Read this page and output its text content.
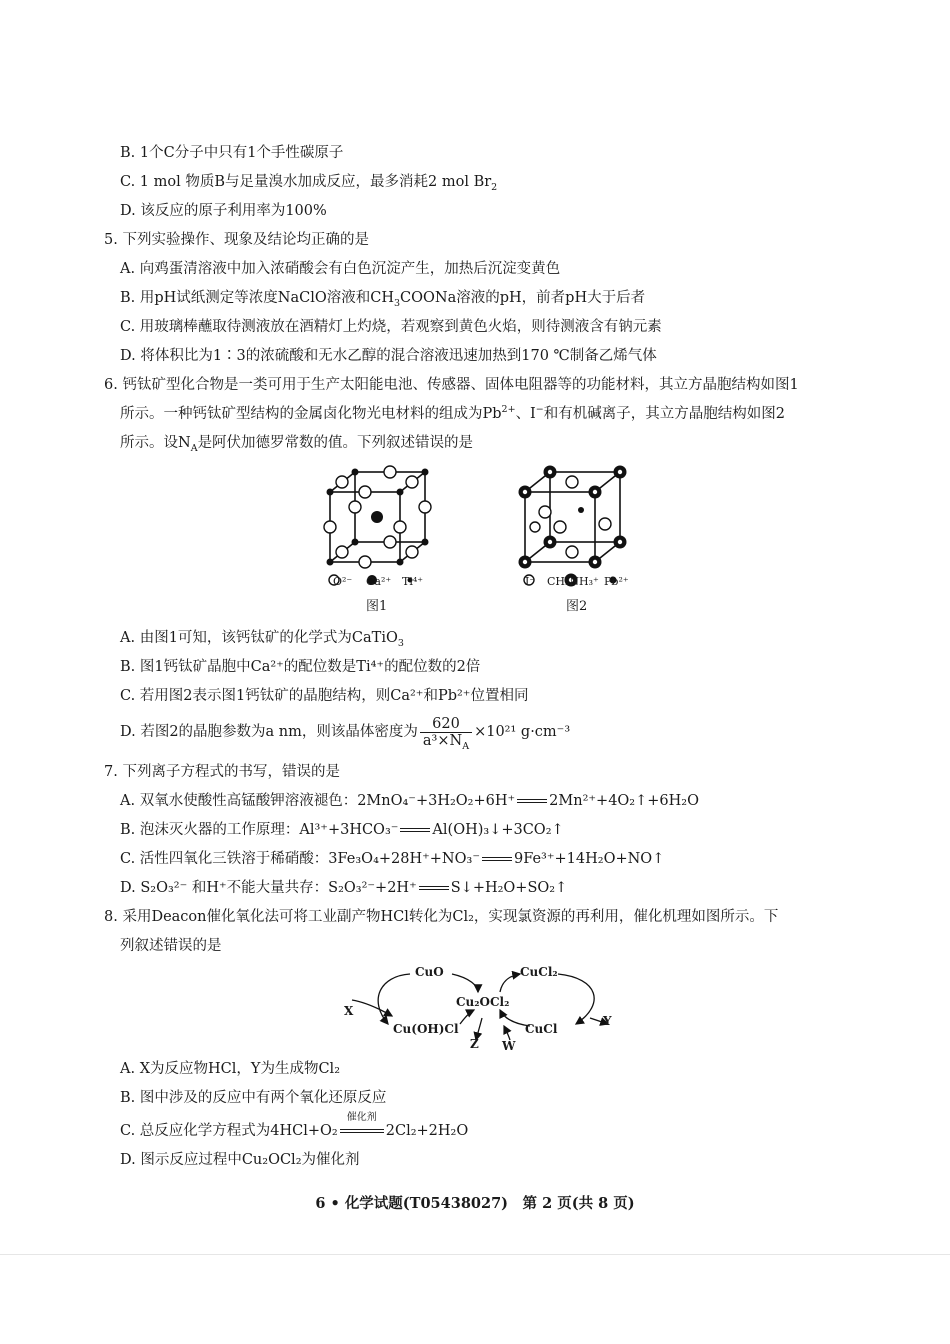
B. 1个C分子中只有1个手性碳原子
C. 1 mol 物质B与足量溴水加成反应，最多消耗2 mol $Br_2$
D. 该反应的原子利用率为100%
5. 下列实验操作、现象及结论均正确的是
A. 向鸡蛋清溶液中加入浓硝酸会有白色沉淀产生，加热后沉淀变黄色
B. 用pH试纸测定等浓度NaClO溶液和$CH_3COONa$溶液的pH，前者pH大于后者
C. 用玻璃棒蘸取待测液放在酒精灯上灼烧，若观察到黄色火焰，则待测液含有钠元素
D. 将体积比为1∶3的浓硫酸和无水乙醇的混合溶液迅速加热到170 ℃制备乙烯气体
6. 钙钛矿型化合物是一类可用于生产太阳能电池、传感器、固体电阻器等的功能材料，其立方晶胞结构如图1
所示。一种钙钛矿型结构的金属卤化物光电材料的组成为$Pb^{2+}$、I−和有机碱离子，其立方晶胞结构如图2
所示。设$N_A$是阿伏加德罗常数的值。下列叙述错误的是
O²⁻ Ca²⁺ Ti⁴⁺
图1
I⁻ CH₃NH₃⁺ Pb²⁺
图2
A. 由图1可知，该钙钛矿的化学式为CaTiO$_3$
B. 图1钙钛矿晶胞中Ca²⁺的配位数是Ti⁴⁺的配位数的2倍
C. 若用图2表示图1钙钛矿的晶胞结构，则Ca²⁺和Pb²⁺位置相同
D. 若图2的晶胞参数为a nm，则该晶体密度为 $\frac{620}{a^3\times N_A} \times 10^{21}$ g·cm⁻³
7. 下列离子方程式的书写，错误的是
A. 双氧水使酸性高锰酸钾溶液褪色：2MnO₄⁻+3H₂O₂+6H⁺ 2Mn²⁺+4O₂↑+6H₂O
B. 泡沫灭火器的工作原理：Al³⁺+3HCO₃⁻ Al(OH)₃↓+3CO₂↑
C. 活性四氧化三铁溶于稀硝酸：3Fe₃O₄+28H⁺+NO₃⁻ 9Fe³⁺+14H₂O+NO↑
D. S₂O₃²⁻ 和H⁺不能大量共存：S₂O₃²⁻+2H⁺ S↓+H₂O+SO₂↑
8. 采用Deacon催化氧化法可将工业副产物HCl转化为Cl₂，实现氯资源的再利用，催化机理如图所示。下
列叙述错误的是
CuO	CuCl₂
Cu₂OCl₂
X
Y
Cu(OH)Cl	CuCl
Z W
A. X为反应物HCl，Y为生成物Cl₂
B. 图中涉及的反应中有两个氧化还原反应
C. 总反应化学方程式为4HCl+O₂
催化剂
2Cl₂+2H₂O
D. 图示反应过程中Cu₂OCl₂为催化剂
6 • 化学试题(T05438027)　第 2 页(共 8 页)
